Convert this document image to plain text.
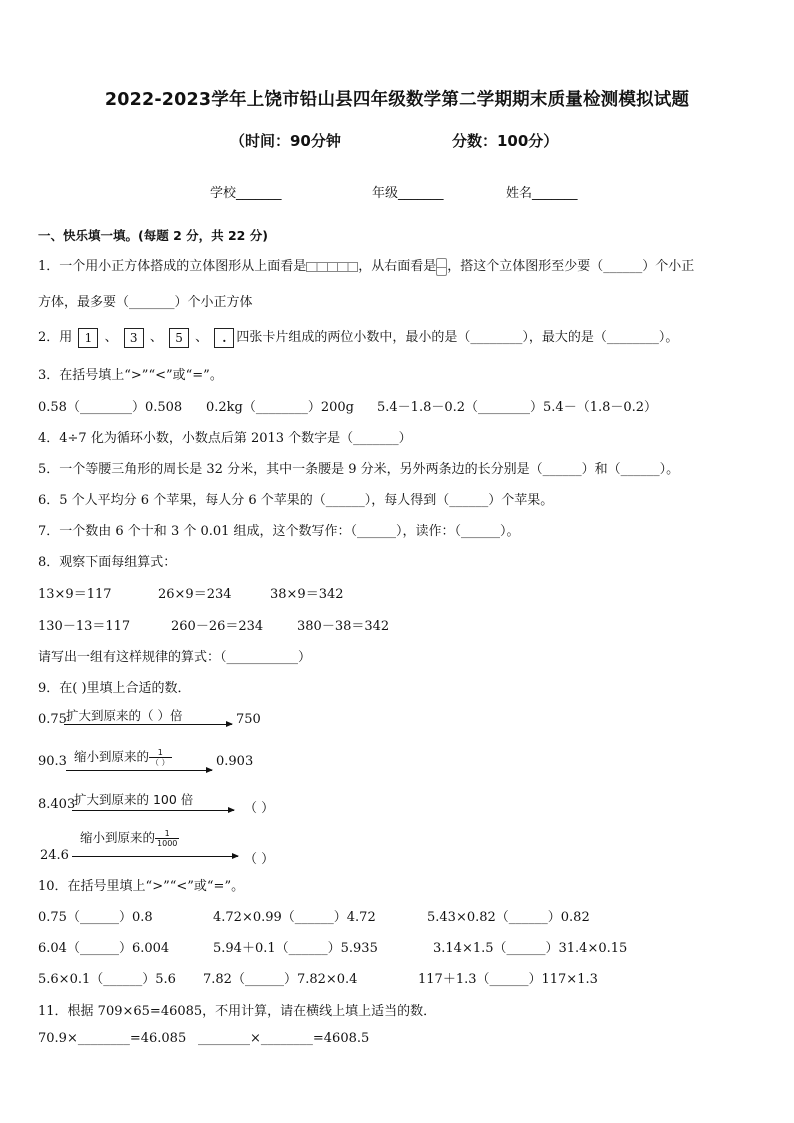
2022-2023学年上饶市铅山县四年级数学第二学期期末质量检测模拟试题
（时间：90分钟	分数：100分）
学校_______	年级_______	姓名_______
一、快乐填一填。(每题 2 分，共 22 分)
1．一个用小正方体搭成的立体图形从上面看是	，从右面看是 ，搭这个立体图形至少要（______）个小正
方体，最多要（_______）个小正方体
2．用 1 、 3 、 5 、 . 四张卡片组成的两位小数中，最小的是（________），最大的是（________）。
3．在括号填上“>”“<”或“=”。
0.58（________）0.508 0.2kg（________）200g 5.4－1.8－0.2（________）5.4－（1.8－0.2）
4．4÷7 化为循环小数，小数点后第 2013 个数字是（_______）
5．一个等腰三角形的周长是 32 分米，其中一条腰是 9 分米，另外两条边的长分别是（______）和（______）。
6．5 个人平均分 6 个苹果，每人分 6 个苹果的（______），每人得到（______）个苹果。
7．一个数由 6 个十和 3 个 0.01 组成，这个数写作：（______），读作：（______）。
8．观察下面每组算式：
13×9＝117	26×9＝234	38×9＝342
130－13＝117	260－26＝234	380－38＝342
请写出一组有这样规律的算式：（___________）
9．在( )里填上合适的数．
0.75 扩大到原来的（ ）倍	750
90.3 缩小到原来的 $\frac{1}{( )}$	0.903
8.403
扩大到原来的 100 倍
（ ）
24.6
缩小到原来的 $\frac{1}{1000}$
（ ）
10．在括号里填上“>”“<”或“=”。
0.75（______）0.8	4.72×0.99（______）4.72	5.43×0.82（______）0.82
6.04（______）6.004	5.94＋0.1（______）5.935	3.14×1.5（______）31.4×0.15
5.6×0.1（______）5.6 7.82（______）7.82×0.4	117＋1.3（______）117×1.3
11．根据 709×65=46085，不用计算，请在横线上填上适当的数．
70.9×________=46.085 ________×________=4608.5
